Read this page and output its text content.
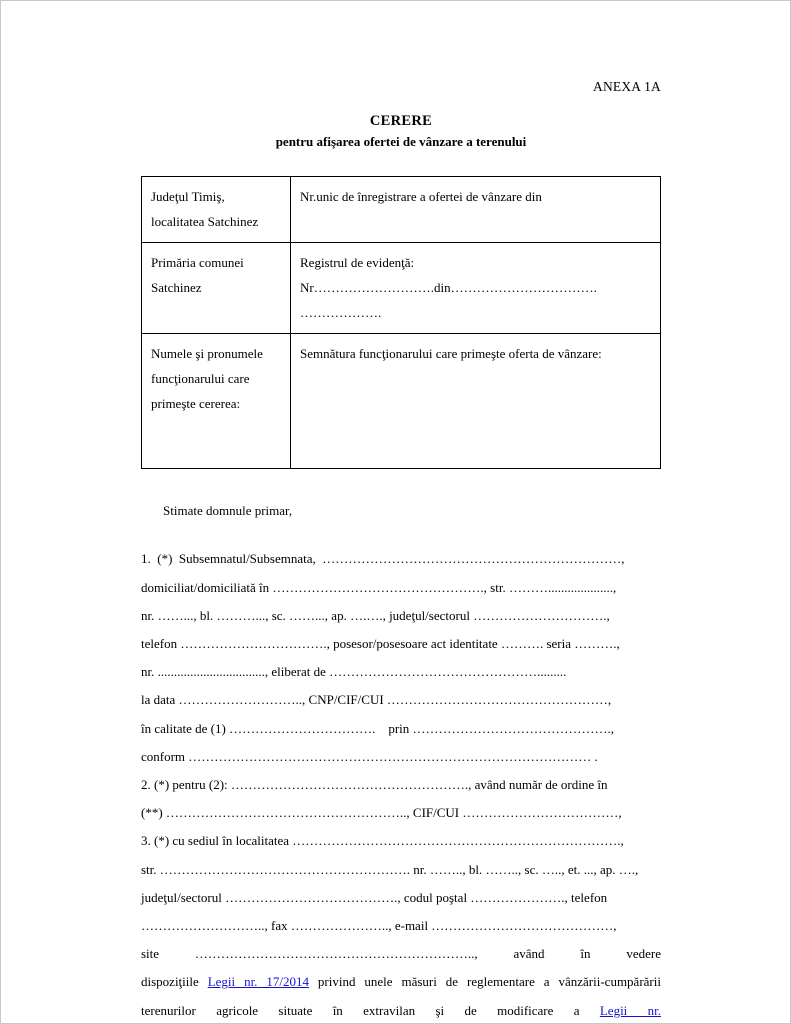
ANEXA 1A
CERERE
pentru afişarea ofertei de vânzare a terenului
Judeţul Timiş,
localitatea Satchinez	Nr.unic de înregistrare a ofertei de vânzare din

Primăria comunei
Satchinez	Registrul de evidenţă:
Nr……………………….din…………………………….
……………….

Numele şi pronumele
funcţionarului care
primeşte cererea:	Semnătura funcţionarului care primeşte oferta de vânzare:

Stimate domnule primar,

1.  (*)  Subsemnatul/Subsemnata,  ……………………………………………………………,

domiciliat/domiciliată în …………………………………………., str. ………....................,

nr. ……..., bl. ………..., sc. ……..., ap. ….…., judeţul/sectorul ………………………….,

telefon ……………………………., posesor/posesoare act identitate ………. seria ……….,

nr. ................................., eliberat de ………………………………………….........

la data ……………………….., CNP/CIF/CUI ……………………………………………,

în calitate de (1) …………………………….    prin ……………………………………….,

conform ………………………………………………………………………………… .

2. (*) pentru (2): ………………………………………………., având număr de ordine în

(**) ……………………………………………….., CIF/CUI ………………………………,

3. (*) cu sediul în localitatea ………………………………………………………………….,

str. …………………………………………………. nr. …….., bl. …….., sc. ….., et. ..., ap. ….,

judeţul/sectorul …………………………………., codul poştal …………………., telefon

……………………….., fax ………………….., e-mail ……………………………………,

site  ………………………………………………………..,  având  în  vedere

dispoziţiile Legii nr. 17/2014 privind unele măsuri de reglementare a vânzării-cumpărării terenurilor agricole situate în extravilan şi de modificare a Legii nr.
